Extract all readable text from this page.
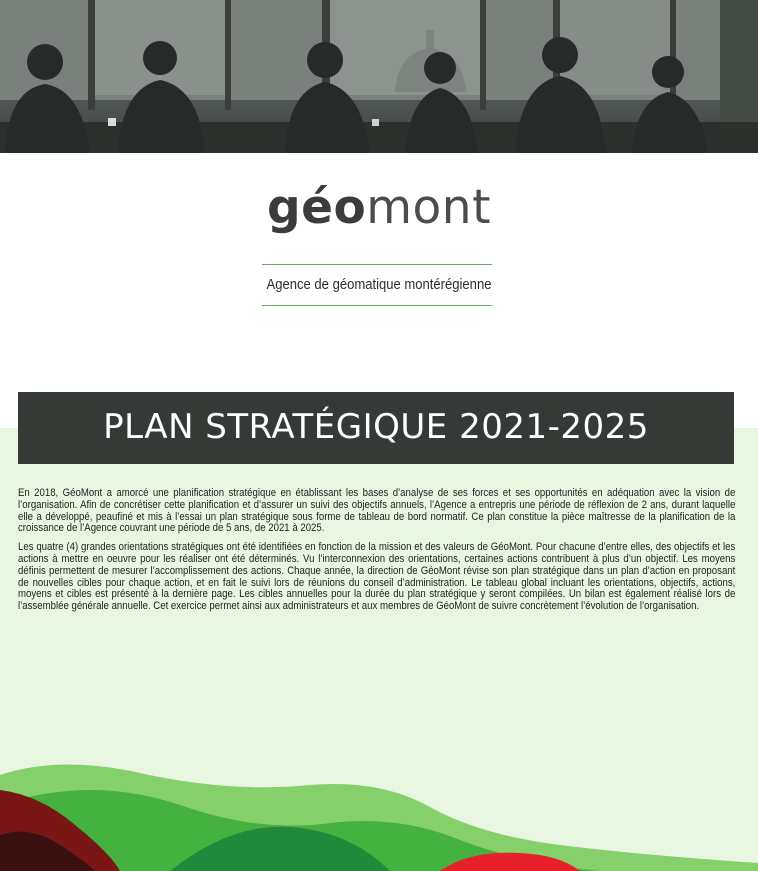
géomont
Agence de géomatique montérégienne
PLAN STRATÉGIQUE 2021-2025

En 2018, GéoMont a amorcé une planification stratégique en établissant les bases d’analyse de ses forces et ses opportunités en adéquation avec la vision de l’organisation. Afin de concrétiser cette planification et d’assurer un suivi des objectifs annuels, l’Agence a entrepris une période de réflexion de 2 ans, durant laquelle elle a développé, peaufiné et mis à l’essai un plan stratégique sous forme de tableau de bord normatif. Ce plan constitue la pièce maîtresse de la planification de la croissance de l’Agence couvrant une période de 5 ans, de 2021 à 2025.

Les quatre (4) grandes orientations stratégiques ont été identifiées en fonction de la mission et des valeurs de GéoMont. Pour chacune d’entre elles, des objectifs et les actions à mettre en oeuvre pour les réaliser ont été déterminés. Vu l’interconnexion des orientations, certaines actions contribuent à plus d’un objectif. Les moyens définis permettent de mesurer l’accomplissement des actions. Chaque année, la direction de GéoMont révise son plan stratégique dans un plan d’action en proposant de nouvelles cibles pour chaque action, et en fait le suivi lors de réunions du conseil d’administration. Le tableau global incluant les orientations, objectifs, actions, moyens et cibles est présenté à la dernière page. Les cibles annuelles pour la durée du plan stratégique y seront compilées. Un bilan est également réalisé lors de l’assemblée générale annuelle. Cet exercice permet ainsi aux administrateurs et aux membres de GéoMont de suivre concrètement l’évolution de l’organisation.
